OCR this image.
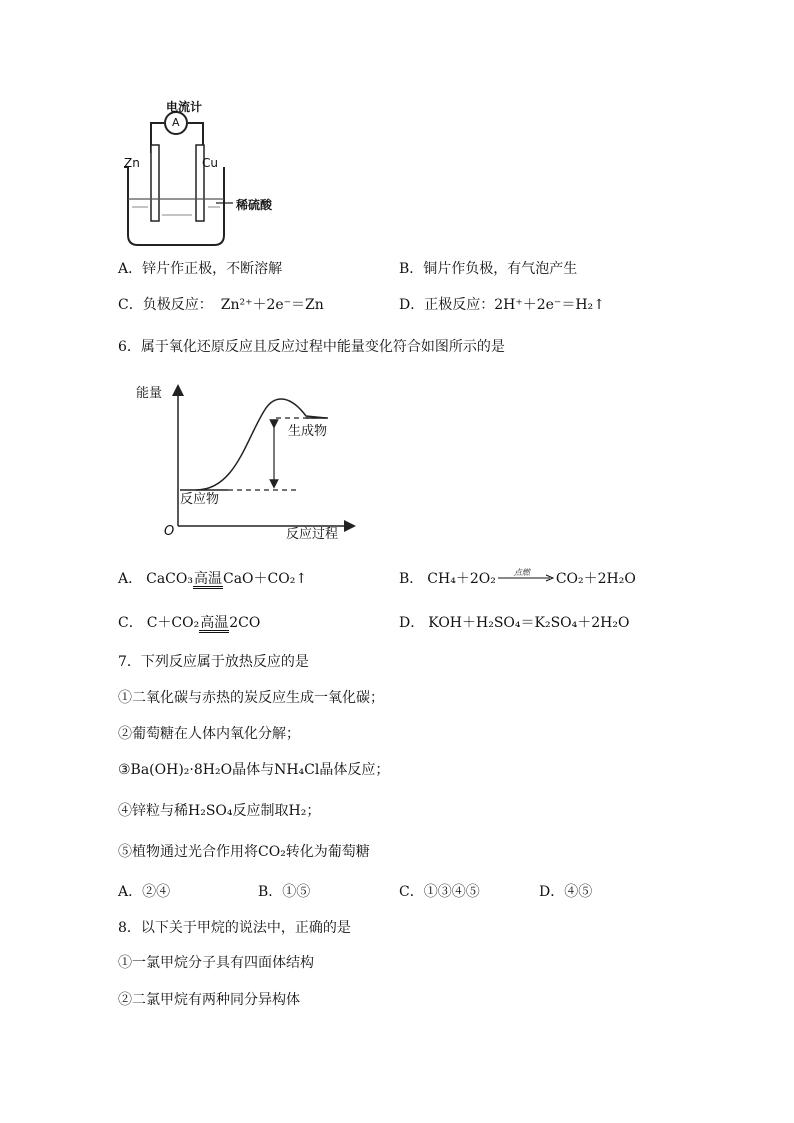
电流计
A
Zn	Cu
稀硫酸
A．锌片作正极，不断溶解	B．铜片作负极，有气泡产生
C．负极反应： Zn²⁺＋2e⁻＝Zn	D．正极反应： 2H⁺＋2e⁻＝H₂↑
6．属于氧化还原反应且反应过程中能量变化符合如图所示的是
能量
反应过程
O
生成物
反应物
A． CaCO₃ 高温 CaO＋CO₂↑	B． CH₄＋2O₂ 点燃 CO₂＋2H₂O
C． C＋CO₂ 高温 2CO	D． KOH＋H₂SO₄＝K₂SO₄＋2H₂O
7．下列反应属于放热反应的是
①二氧化碳与赤热的炭反应生成一氧化碳；
②葡萄糖在人体内氧化分解；
③Ba(OH)₂·8H₂O晶体与NH₄Cl晶体反应；
④锌粒与稀H₂SO₄反应制取H₂；
⑤植物通过光合作用将CO₂转化为葡萄糖
A．②④	B．①⑤	C．①③④⑤	D．④⑤
8．以下关于甲烷的说法中，正确的是
①一氯甲烷分子具有四面体结构
②二氯甲烷有两种同分异构体
